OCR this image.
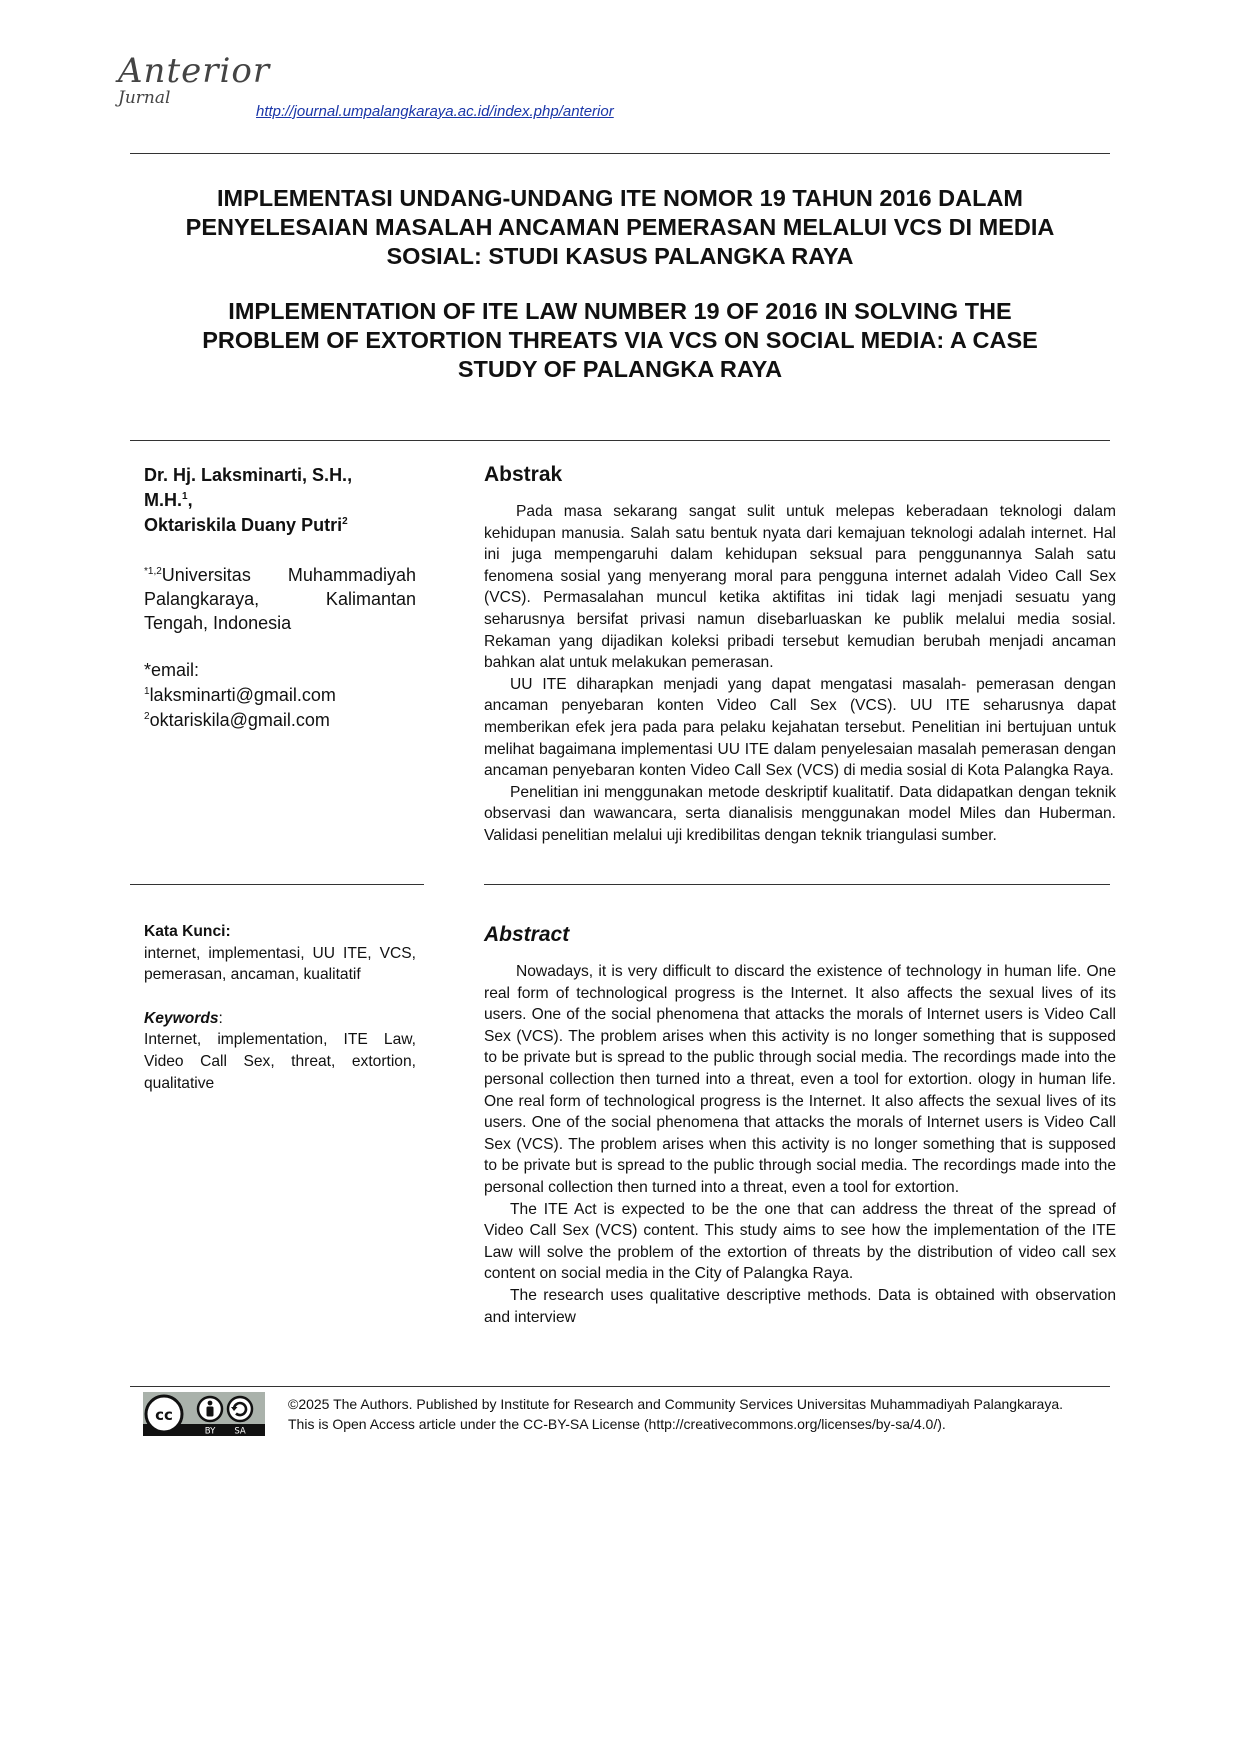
Anterior
Jurnal
http://journal.umpalangkaraya.ac.id/index.php/anterior
IMPLEMENTASI UNDANG-UNDANG ITE NOMOR 19 TAHUN 2016 DALAM
PENYELESAIAN MASALAH ANCAMAN PEMERASAN MELALUI VCS DI MEDIA
SOSIAL: STUDI KASUS PALANGKA RAYA
IMPLEMENTATION OF ITE LAW NUMBER 19 OF 2016 IN SOLVING THE
PROBLEM OF EXTORTION THREATS VIA VCS ON SOCIAL MEDIA: A CASE
STUDY OF PALANGKA RAYA
Dr. Hj. Laksminarti, S.H.,
M.H.$^1$,
Oktariskila Duany Putri$^2$
$^{*1,2}$Universitas Muhammadiyah Palangkaraya, Kalimantan Tengah, Indonesia
*email:
$^1$laksminarti@gmail.com
$^2$oktariskila@gmail.com
Abstrak

Pada masa sekarang sangat sulit untuk melepas keberadaan teknologi dalam kehidupan manusia. Salah satu bentuk nyata dari kemajuan teknologi adalah internet. Hal ini juga mempengaruhi dalam kehidupan seksual para penggunannya Salah satu fenomena sosial yang menyerang moral para pengguna internet adalah Video Call Sex (VCS). Permasalahan muncul ketika aktifitas ini tidak lagi menjadi sesuatu yang seharusnya bersifat privasi namun disebarluaskan ke publik melalui media sosial. Rekaman yang dijadikan koleksi pribadi tersebut kemudian berubah menjadi ancaman bahkan alat untuk melakukan pemerasan.

UU ITE diharapkan menjadi yang dapat mengatasi masalah- pemerasan dengan ancaman penyebaran konten Video Call Sex (VCS). UU ITE seharusnya dapat memberikan efek jera pada para pelaku kejahatan tersebut. Penelitian ini bertujuan untuk melihat bagaimana implementasi UU ITE dalam penyelesaian masalah pemerasan dengan ancaman penyebaran konten Video Call Sex (VCS) di media sosial di Kota Palangka Raya.

Penelitian ini menggunakan metode deskriptif kualitatif. Data didapatkan dengan teknik observasi dan wawancara, serta dianalisis menggunakan model Miles dan Huberman. Validasi penelitian melalui uji kredibilitas dengan teknik triangulasi sumber.

Kata Kunci:
internet, implementasi, UU ITE, VCS, pemerasan, ancaman, kualitatif
Keywords:
Internet, implementation, ITE Law, Video Call Sex, threat, extortion, qualitative
Abstract

Nowadays, it is very difficult to discard the existence of technology in human life. One real form of technological progress is the Internet. It also affects the sexual lives of its users. One of the social phenomena that attacks the morals of Internet users is Video Call Sex (VCS). The problem arises when this activity is no longer something that is supposed to be private but is spread to the public through social media. The recordings made into the personal collection then turned into a threat, even a tool for extortion. ology in human life. One real form of technological progress is the Internet. It also affects the sexual lives of its users. One of the social phenomena that attacks the morals of Internet users is Video Call Sex (VCS). The problem arises when this activity is no longer something that is supposed to be private but is spread to the public through social media. The recordings made into the personal collection then turned into a threat, even a tool for extortion.

The ITE Act is expected to be the one that can address the threat of the spread of Video Call Sex (VCS) content. This study aims to see how the implementation of the ITE Law will solve the problem of the extortion of threats by the distribution of video call sex content on social media in the City of Palangka Raya.

The research uses qualitative descriptive methods. Data is obtained with observation and interview

cc
BY SA
©2025 The Authors. Published by Institute for Research and Community Services Universitas Muhammadiyah Palangkaraya.
This is Open Access article under the CC-BY-SA License (http://creativecommons.org/licenses/by-sa/4.0/).
